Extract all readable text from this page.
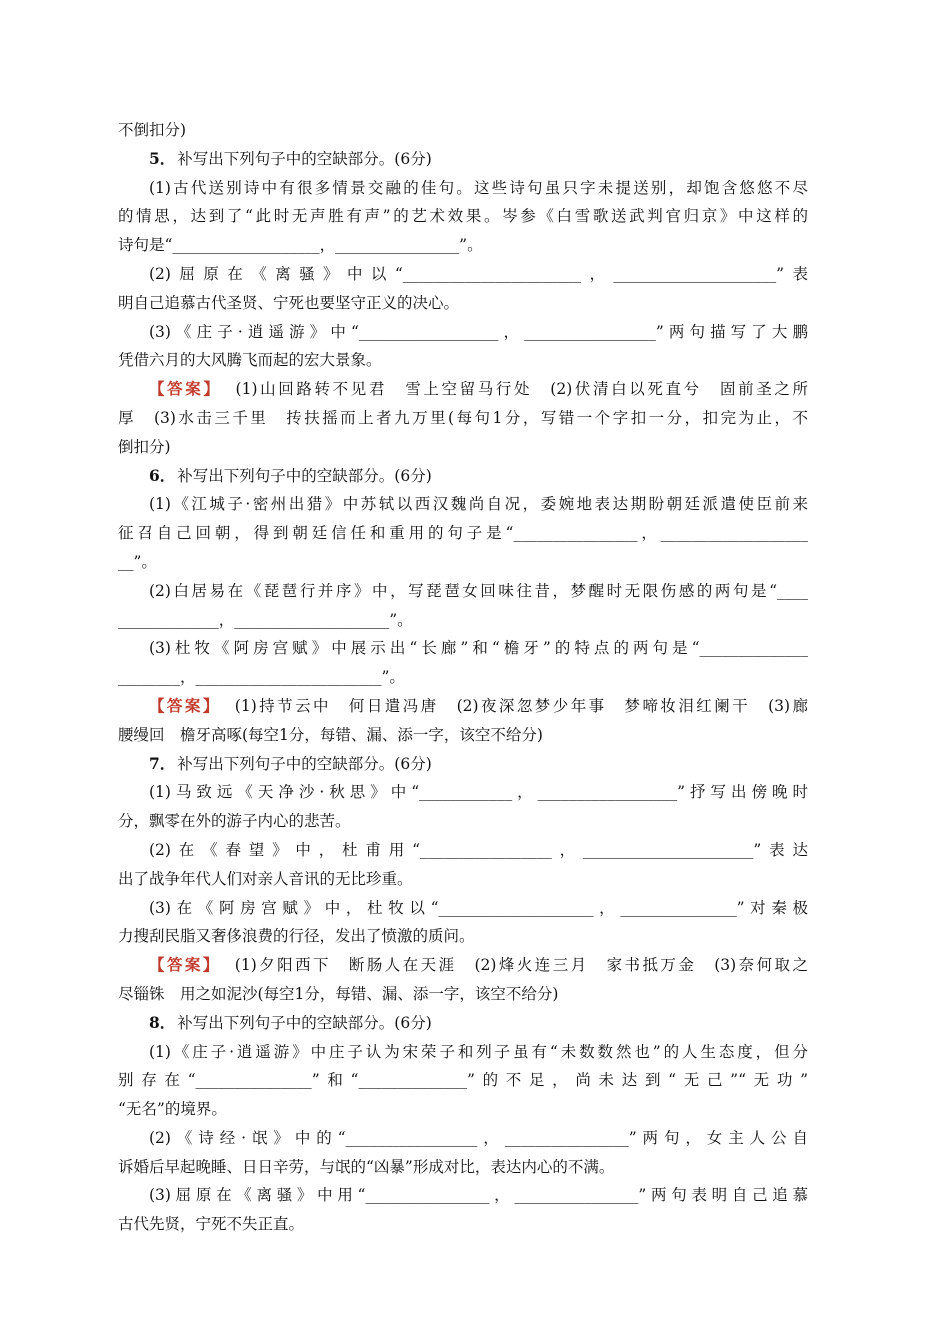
不倒扣分)
5． 补写出下列句子中的空缺部分。(6分)
(1)古代送别诗中有很多情景交融的佳句。这些诗句虽只字未提送别，却饱含悠悠不尽
的情思，达到了“此时无声胜有声”的艺术效果。岑参《白雪歌送武判官归京》中这样的
诗句是“___________________，________________”。
(2)屈原在《离骚》中以“_______________________，_____________________”表
明自己追慕古代圣贤、宁死也要坚守正义的决心。
(3)《庄子·逍遥游》中“__________________，_________________”两句描写了大鹏
凭借六月的大风腾飞而起的宏大景象。
【答案】 (1)山回路转不见君　雪上空留马行处　(2)伏清白以死直兮　固前圣之所
厚　(3)水击三千里　抟扶摇而上者九万里(每句1分，写错一个字扣一分，扣完为止，不
倒扣分)
6． 补写出下列句子中的空缺部分。(6分)
(1)《江城子·密州出猎》中苏轼以西汉魏尚自况，委婉地表达期盼朝廷派遣使臣前来
征召自己回朝，得到朝廷信任和重用的句子是“________________，___________________
__”。
(2)白居易在《琵琶行并序》中，写琵琶女回味往昔，梦醒时无限伤感的两句是“____
_____________，____________________”。
(3)杜牧《阿房宫赋》中展示出“长廊”和“檐牙”的特点的两句是“______________
________，________________________”。
【答案】 (1)持节云中　何日遣冯唐　(2)夜深忽梦少年事　梦啼妆泪红阑干　(3)廊
腰缦回　檐牙高啄(每空1分，每错、漏、添一字，该空不给分)
7． 补写出下列句子中的空缺部分。(6分)
(1)马致远《天净沙·秋思》中“____________，__________________”抒写出傍晚时
分，飘零在外的游子内心的悲苦。
(2)在《春望》中，杜甫用“_________________，______________________”表达
出了战争年代人们对亲人音讯的无比珍重。
(3)在《阿房宫赋》中，杜牧以“____________________，_______________”对秦极
力搜刮民脂又奢侈浪费的行径，发出了愤激的质问。
【答案】 (1)夕阳西下　断肠人在天涯　(2)烽火连三月　家书抵万金　(3)奈何取之
尽锱铢　用之如泥沙(每空1分，每错、漏、添一字，该空不给分)
8． 补写出下列句子中的空缺部分。(6分)
(1)《庄子·逍遥游》中庄子认为宋荣子和列子虽有“未数数然也”的人生态度，但分
别存在“_______________”和“______________”的不足，尚未达到“无己”“无功”
“无名”的境界。
(2)《诗经·氓》中的“_________________，________________”两句，女主人公自
诉婚后早起晚睡、日日辛劳，与氓的“凶暴”形成对比，表达内心的不满。
(3)屈原在《离骚》中用“________________，________________”两句表明自己追慕
古代先贤，宁死不失正直。
